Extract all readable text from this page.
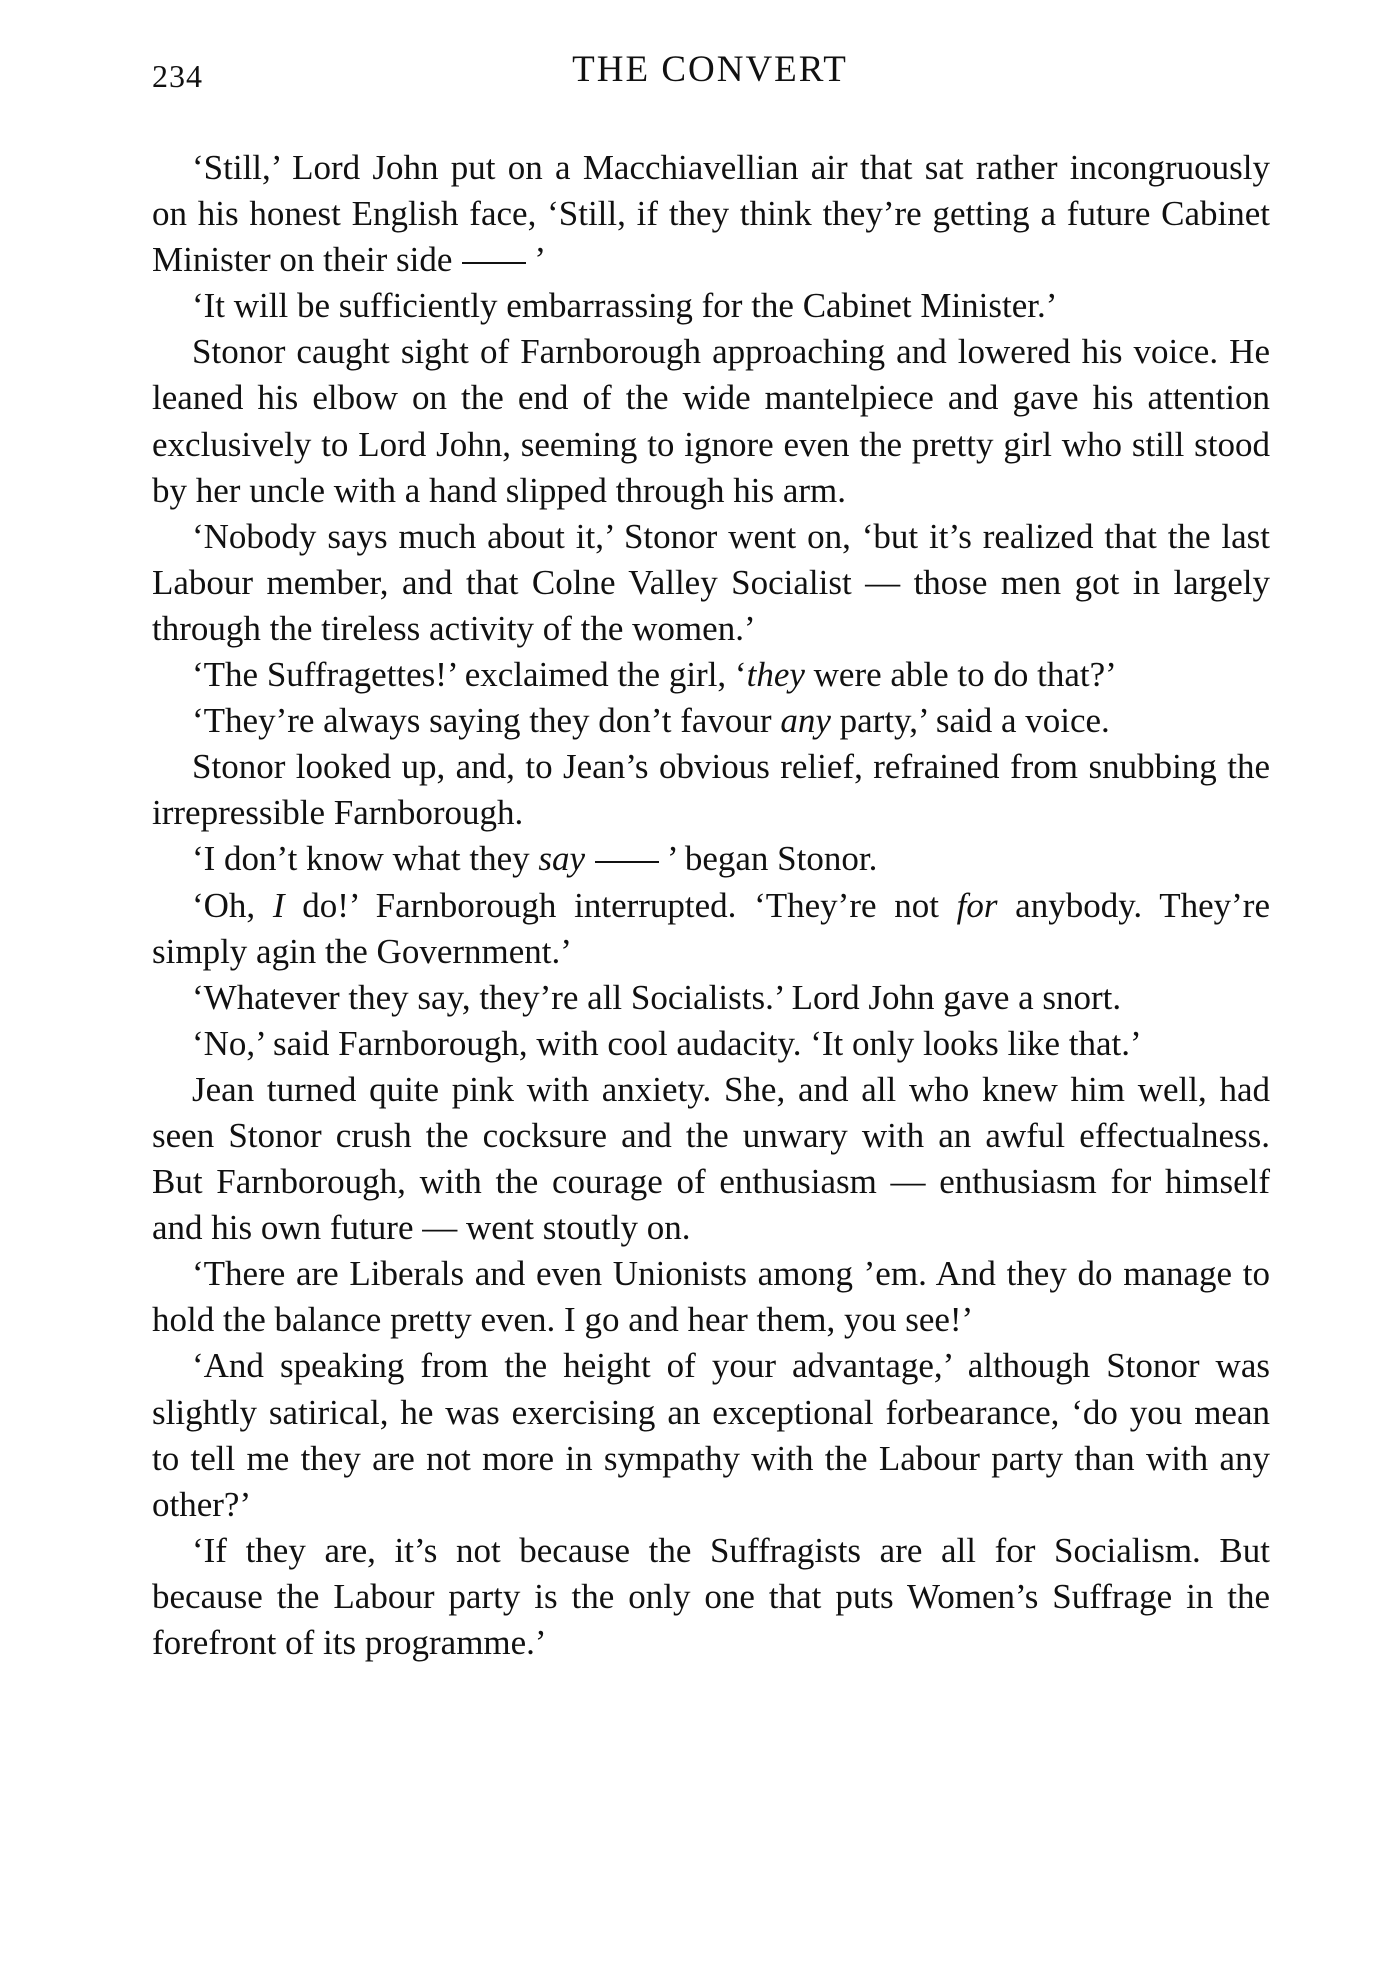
234	THE CONVERT

‘Still,’ Lord John put on a Macchiavellian air that sat rather incongruously on his honest English face, ‘Still, if they think they’re getting a future Cabinet Minister on their side ’

‘It will be sufficiently embarrassing for the Cabinet Minister.’

Stonor caught sight of Farnborough approaching and lowered his voice. He leaned his elbow on the end of the wide mantelpiece and gave his attention exclusively to Lord John, seeming to ignore even the pretty girl who still stood by her uncle with a hand slipped through his arm.

‘Nobody says much about it,’ Stonor went on, ‘but it’s realized that the last Labour member, and that Colne Valley Socialist — those men got in largely through the tireless activity of the women.’

‘The Suffragettes!’ exclaimed the girl, ‘they were able to do that?’

‘They’re always saying they don’t favour any party,’ said a voice.

Stonor looked up, and, to Jean’s obvious relief, refrained from snubbing the irrepressible Farnborough.

‘I don’t know what they say ’ began Stonor.

‘Oh, I do!’ Farnborough interrupted. ‘They’re not for anybody. They’re simply agin the Government.’

‘Whatever they say, they’re all Socialists.’ Lord John gave a snort.

‘No,’ said Farnborough, with cool audacity. ‘It only looks like that.’

Jean turned quite pink with anxiety. She, and all who knew him well, had seen Stonor crush the cocksure and the unwary with an awful effectualness. But Farnborough, with the courage of enthusiasm — enthusiasm for himself and his own future — went stoutly on.

‘There are Liberals and even Unionists among ’em. And they do manage to hold the balance pretty even. I go and hear them, you see!’

‘And speaking from the height of your advantage,’ although Stonor was slightly satirical, he was exercising an exceptional forbearance, ‘do you mean to tell me they are not more in sympathy with the Labour party than with any other?’

‘If they are, it’s not because the Suffragists are all for Socialism. But because the Labour party is the only one that puts Women’s Suffrage in the forefront of its programme.’
